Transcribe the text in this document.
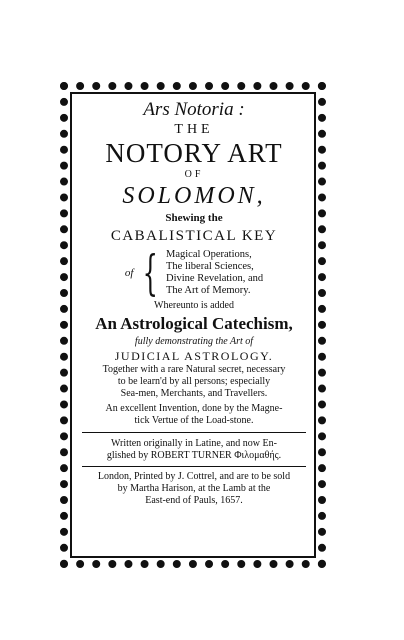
Ars Notoria :
THE
NOTORY ART
OF
SOLOMON,
Shewing the
CABALISTICAL KEY
of { Magical Operations,
The liberal Sciences,
Divine Revelation, and
The Art of Memory.
Whereunto is added
An Astrological Catechism,
fully demonstrating the Art of
JUDICIAL ASTROLOGY.
Together with a rare Natural secret, necessary
to be learn'd by all persons; especially
Sea-men, Merchants, and Travellers.
An excellent Invention, done by the Magne-
tick Vertue of the Load-stone.
Written originally in Latine, and now En-
glished by ROBERT TURNER Φιλομαθής.
London, Printed by J. Cottrel, and are to be sold
by Martha Harison, at the Lamb at the
East-end of Pauls, 1657.
